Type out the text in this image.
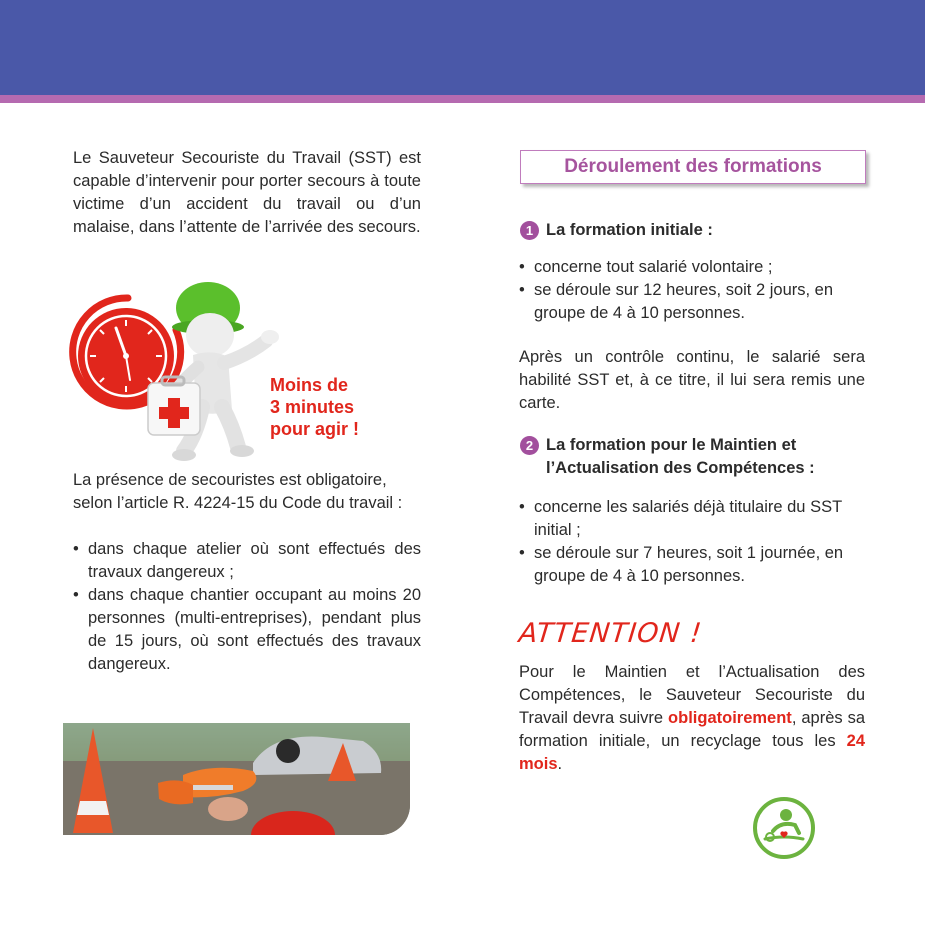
Le Sauveteur Secouriste du Travail (SST) est capable d’intervenir pour porter secours à toute victime d’un accident du travail ou d’un malaise, dans l’attente de l’arrivée des secours.

Moins de
3 minutes
pour agir !

La présence de secouristes est obligatoire, selon l’article R. 4224-15 du Code du travail :

• dans chaque atelier où sont effectués des travaux dangereux ;
• dans chaque chantier occupant au moins 20 personnes (multi-entreprises), pendant plus de 15 jours, où sont effectués des travaux dangereux.
Déroulement des formations
1 La formation initiale :
• concerne tout salarié volontaire ;
• se déroule sur 12 heures, soit 2 jours, en groupe de 4 à 10 personnes.

Après un contrôle continu, le salarié sera habilité SST et, à ce titre, il lui sera remis une carte.

2 La formation pour le Maintien et
l’Actualisation des Compétences :
• concerne les salariés déjà titulaire du SST initial ;
• se déroule sur 7 heures, soit 1 journée, en groupe de 4 à 10 personnes.
ATTENTION !

Pour le Maintien et l’Actualisation des Compétences, le Sauveteur Secouriste du Travail devra suivre obligatoirement, après sa formation initiale, un recyclage tous les 24 mois.
